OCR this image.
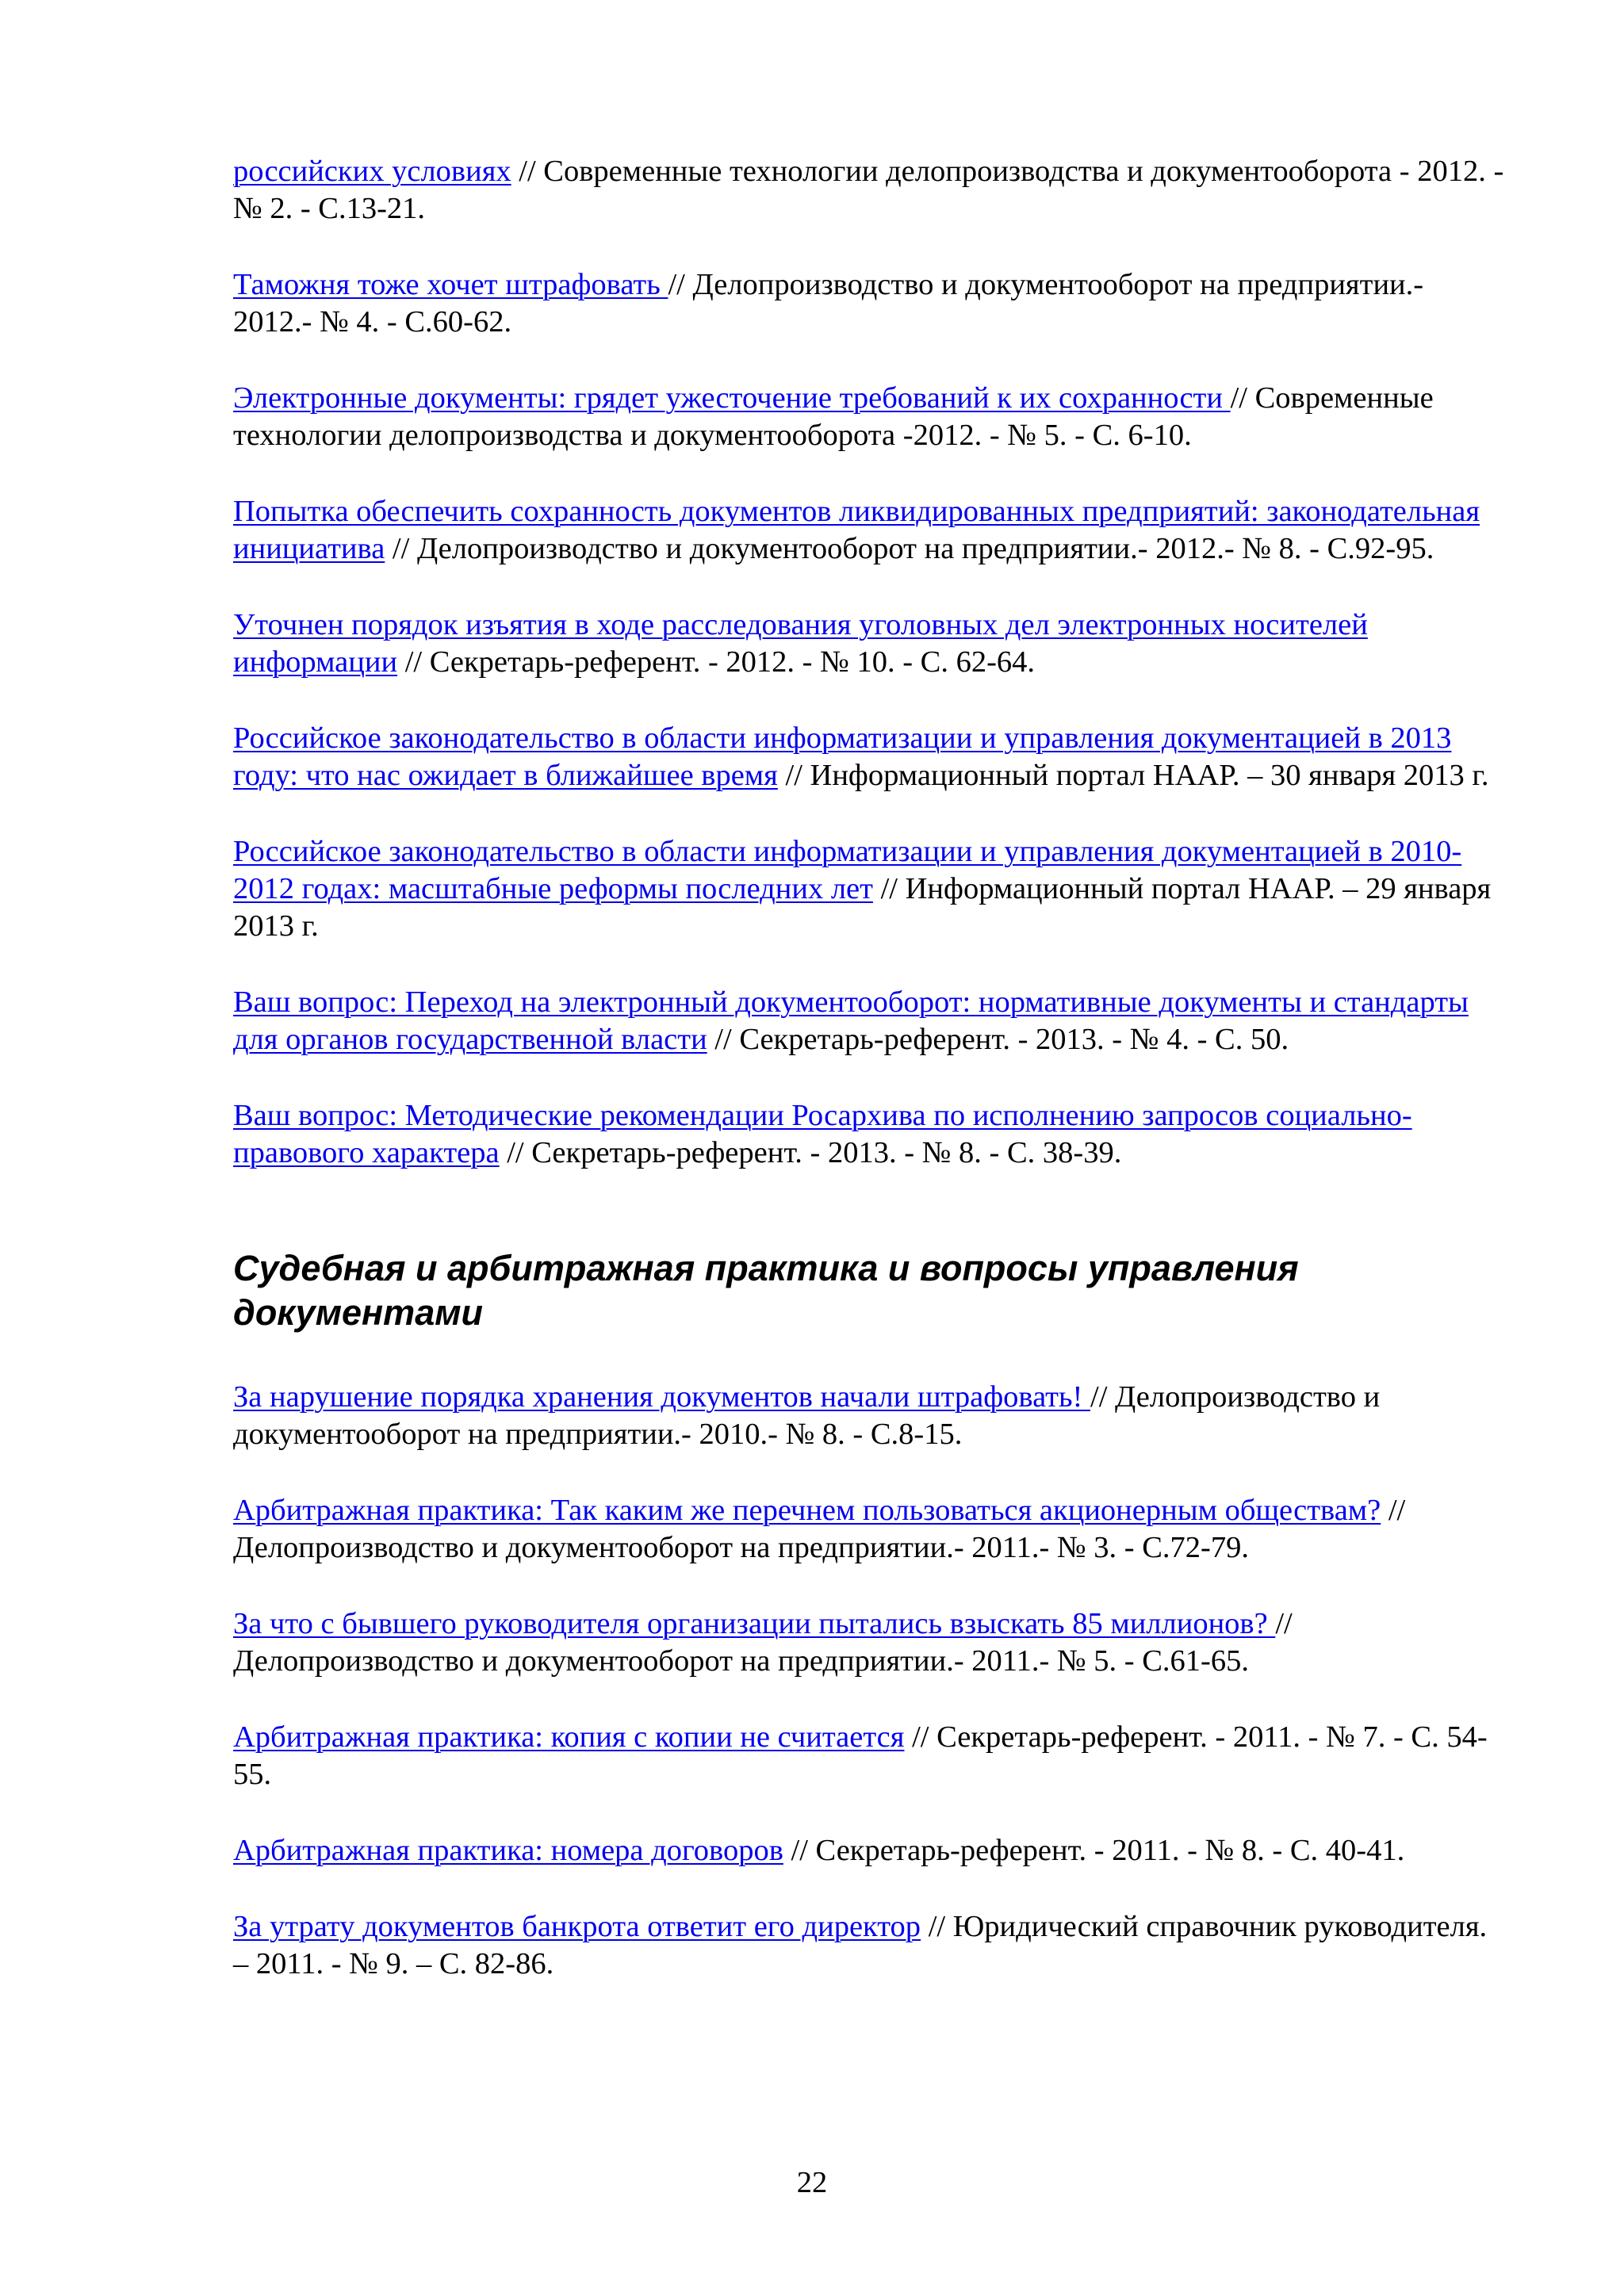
российских условиях // Современные технологии делопроизводства и документооборота - 2012. - № 2. - С.13-21.

Таможня тоже хочет штрафовать // Делопроизводство и документооборот на предприятии.- 2012.- № 4. - С.60-62.

Электронные документы: грядет ужесточение требований к их сохранности // Современные технологии делопроизводства и документооборота -2012. - № 5. - С. 6-10.

Попытка обеспечить сохранность документов ликвидированных предприятий: законодательная инициатива // Делопроизводство и документооборот на предприятии.- 2012.- № 8. - С.92-95.

Уточнен порядок изъятия в ходе расследования уголовных дел электронных носителей информации // Секретарь-референт. - 2012. - № 10. - С. 62-64.

Российское законодательство в области информатизации и управления документацией в 2013 году: что нас ожидает в ближайшее время // Информационный портал НААР. – 30 января 2013 г.

Российское законодательство в области информатизации и управления документацией в 2010-2012 годах: масштабные реформы последних лет // Информационный портал НААР. – 29 января 2013 г.

Ваш вопрос: Переход на электронный документооборот: нормативные документы и стандарты для органов государственной власти // Секретарь-референт. - 2013. - № 4. - С. 50.

Ваш вопрос: Методические рекомендации Росархива по исполнению запросов социально-правового характера // Секретарь-референт. - 2013. - № 8. - С. 38-39.

Судебная и арбитражная практика и вопросы управления документами

За нарушение порядка хранения документов начали штрафовать! // Делопроизводство и документооборот на предприятии.- 2010.- № 8. - С.8-15.

Арбитражная практика: Так каким же перечнем пользоваться акционерным обществам? // Делопроизводство и документооборот на предприятии.- 2011.- № 3. - С.72-79.

За что с бывшего руководителя организации пытались взыскать 85 миллионов? // Делопроизводство и документооборот на предприятии.- 2011.- № 5. - С.61-65.

Арбитражная практика: копия с копии не считается // Секретарь-референт. - 2011. - № 7. - С. 54-55.

Арбитражная практика: номера договоров // Секретарь-референт. - 2011. - № 8. - С. 40-41.

За утрату документов банкрота ответит его директор // Юридический справочник руководителя. – 2011. - № 9. – С. 82-86.

22
